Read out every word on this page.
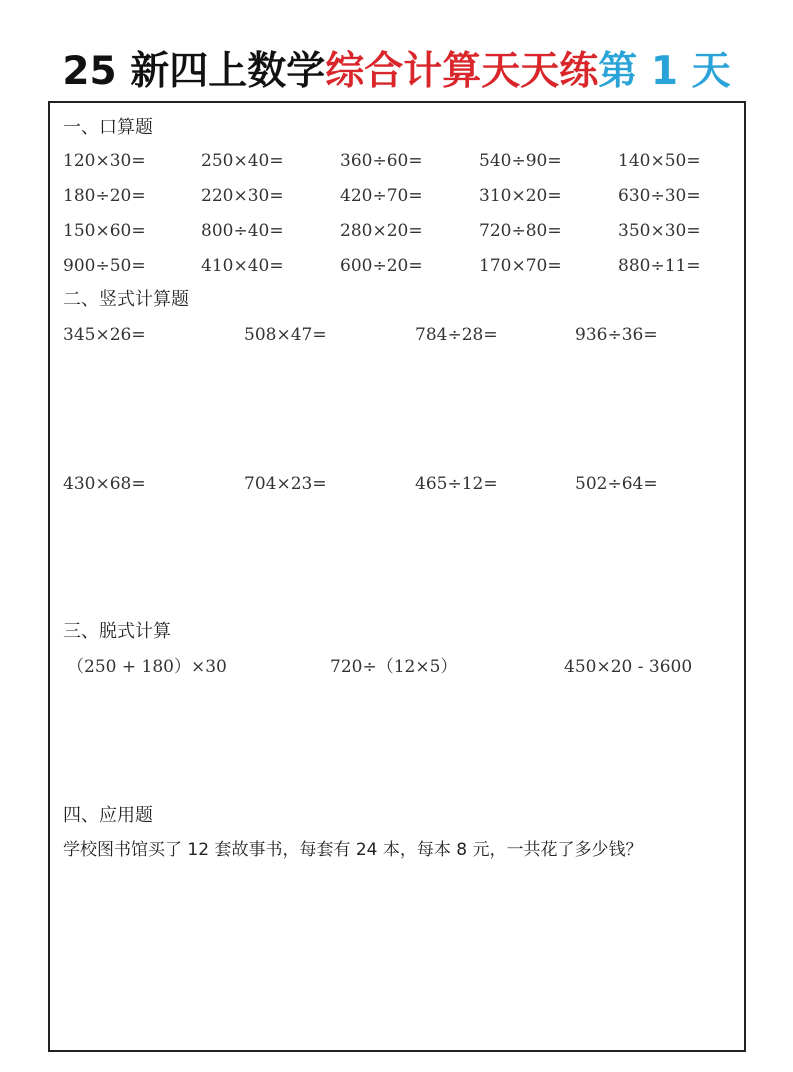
25 新四上数学综合计算天天练第 1 天
一、口算题
120×30=	250×40=	360÷60=	540÷90=	140×50=
180÷20=	220×30=	420÷70=	310×20=	630÷30=
150×60=	800÷40=	280×20=	720÷80=	350×30=
900÷50=	410×40=	600÷20=	170×70=	880÷11=
二、竖式计算题
345×26=	508×47=	784÷28=	936÷36=
430×68=	704×23=	465÷12=	502÷64=
三、脱式计算
（250 + 180）×30	720÷（12×5）	450×20 - 3600
四、应用题
学校图书馆买了 12 套故事书，每套有 24 本，每本 8 元，一共花了多少钱？
